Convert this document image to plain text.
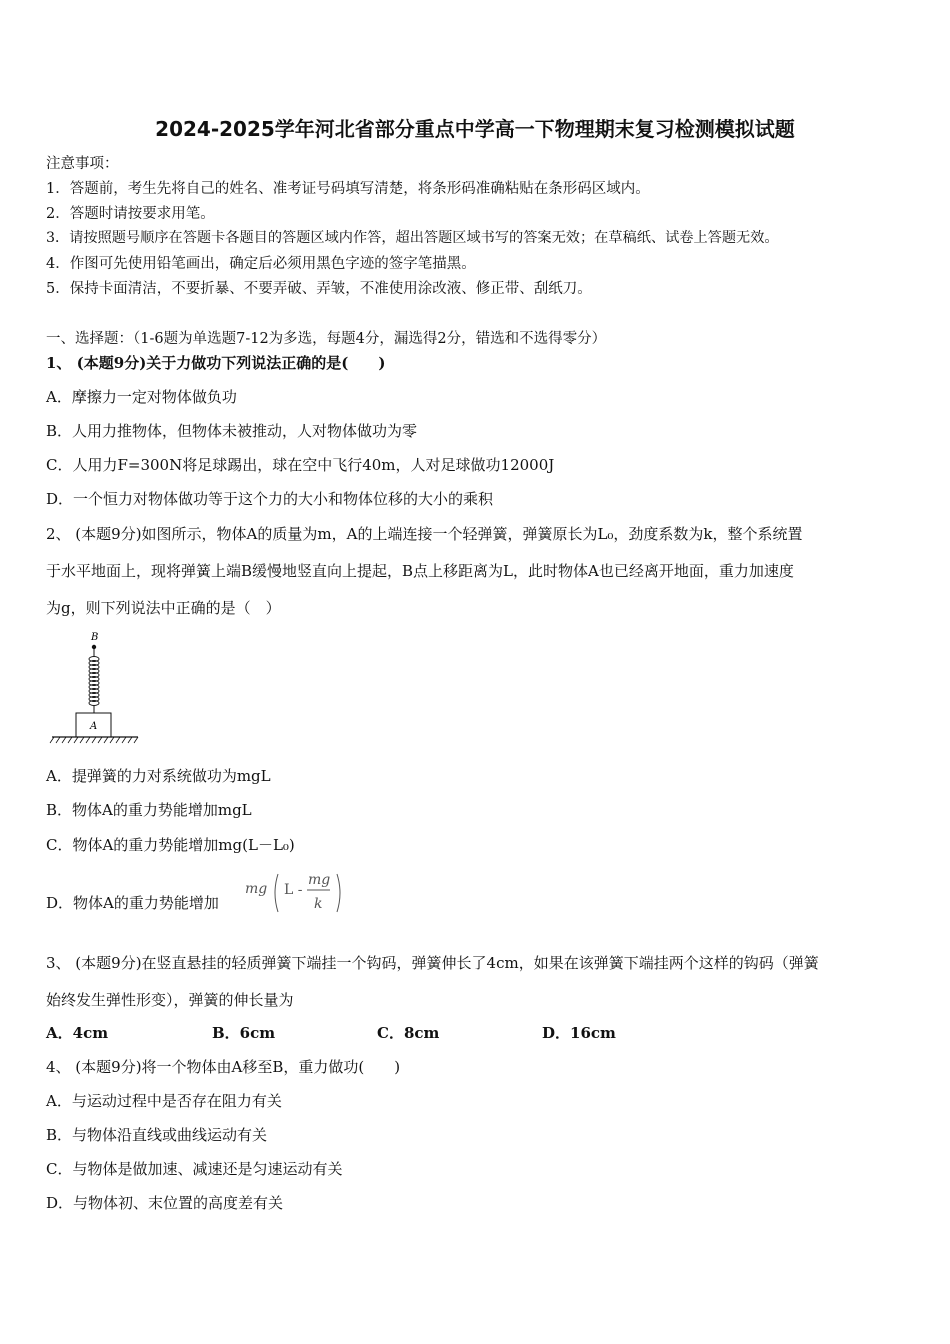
2024-2025学年河北省部分重点中学高一下物理期末复习检测模拟试题
注意事项：
1．答题前，考生先将自己的姓名、准考证号码填写清楚，将条形码准确粘贴在条形码区域内。
2．答题时请按要求用笔。
3．请按照题号顺序在答题卡各题目的答题区域内作答，超出答题区域书写的答案无效；在草稿纸、试卷上答题无效。
4．作图可先使用铅笔画出，确定后必须用黑色字迹的签字笔描黑。
5．保持卡面清洁，不要折暴、不要弄破、弄皱，不准使用涂改液、修正带、刮纸刀。
一、选择题：（1-6题为单选题7-12为多选，每题4分，漏选得2分，错选和不选得零分）
1、 (本题9分)关于力做功下列说法正确的是(　　)
A．摩擦力一定对物体做负功
B．人用力推物体，但物体未被推动，人对物体做功为零
C．人用力F=300N将足球踢出，球在空中飞行40m，人对足球做功12000J
D．一个恒力对物体做功等于这个力的大小和物体位移的大小的乘积
2、 (本题9分)如图所示，物体A的质量为m，A的上端连接一个轻弹簧，弹簧原长为L₀，劲度系数为k，整个系统置
于水平地面上，现将弹簧上端B缓慢地竖直向上提起，B点上移距离为L，此时物体A也已经离开地面，重力加速度
为g，则下列说法中正确的是（　）
B
A
A．提弹簧的力对系统做功为mgL
B．物体A的重力势能增加mgL
C．物体A的重力势能增加mg(L－L₀)
D．物体A的重力势能增加
mg L -
mg
k
3、 (本题9分)在竖直悬挂的轻质弹簧下端挂一个钩码，弹簧伸长了4cm，如果在该弹簧下端挂两个这样的钩码（弹簧
始终发生弹性形变），弹簧的伸长量为
A．4cm	B．6cm	C．8cm	D．16cm
4、 (本题9分)将一个物体由A移至B，重力做功(　　)
A．与运动过程中是否存在阻力有关
B．与物体沿直线或曲线运动有关
C．与物体是做加速、减速还是匀速运动有关
D．与物体初、末位置的高度差有关
